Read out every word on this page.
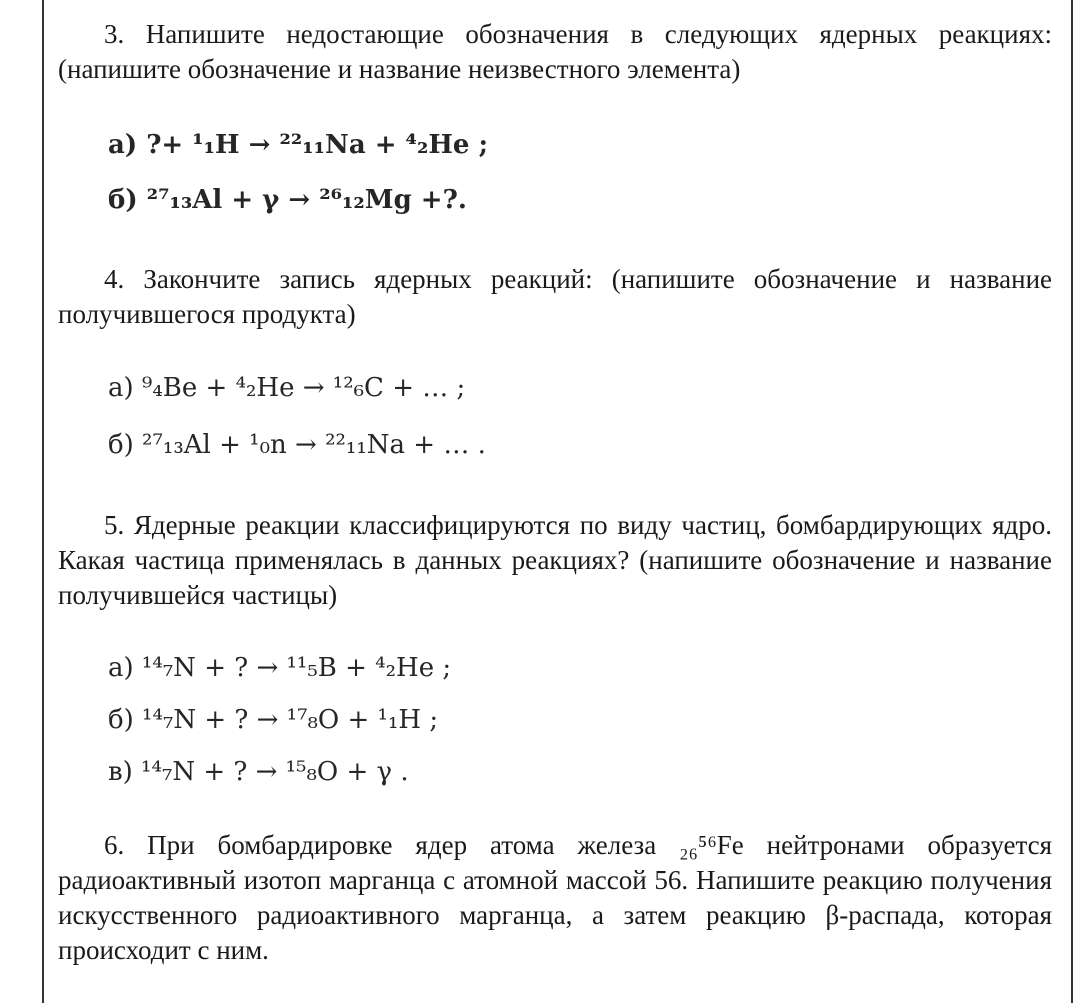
3. Напишите недостающие обозначения в следующих ядерных реакциях: (напишите обозначение и название неизвестного элемента)

а) ?+ ¹₁H → ²²₁₁Na + ⁴₂He ;
б) ²⁷₁₃Al + γ → ²⁶₁₂Mg +?.

4. Закончите запись ядерных реакций: (напишите обозначение и название получившегося продукта)

а) ⁹₄Be + ⁴₂He → ¹²₆C + … ;
б) ²⁷₁₃Al + ¹₀n → ²²₁₁Na + … .

5. Ядерные реакции классифицируются по виду частиц, бомбардирующих ядро. Какая частица применялась в данных реакциях? (напишите обозначение и название получившейся частицы)

а) ¹⁴₇N + ? → ¹¹₅B + ⁴₂He ;
б) ¹⁴₇N + ? → ¹⁷₈O + ¹₁H ;
в) ¹⁴₇N + ? → ¹⁵₈O + γ .

6. При бомбардировке ядер атома железа ₂₆⁵⁶Fe нейтронами образуется радиоактивный изотоп марганца с атомной массой 56. Напишите реакцию получения искусственного радиоактивного марганца, а затем реакцию β-распада, которая происходит с ним.
